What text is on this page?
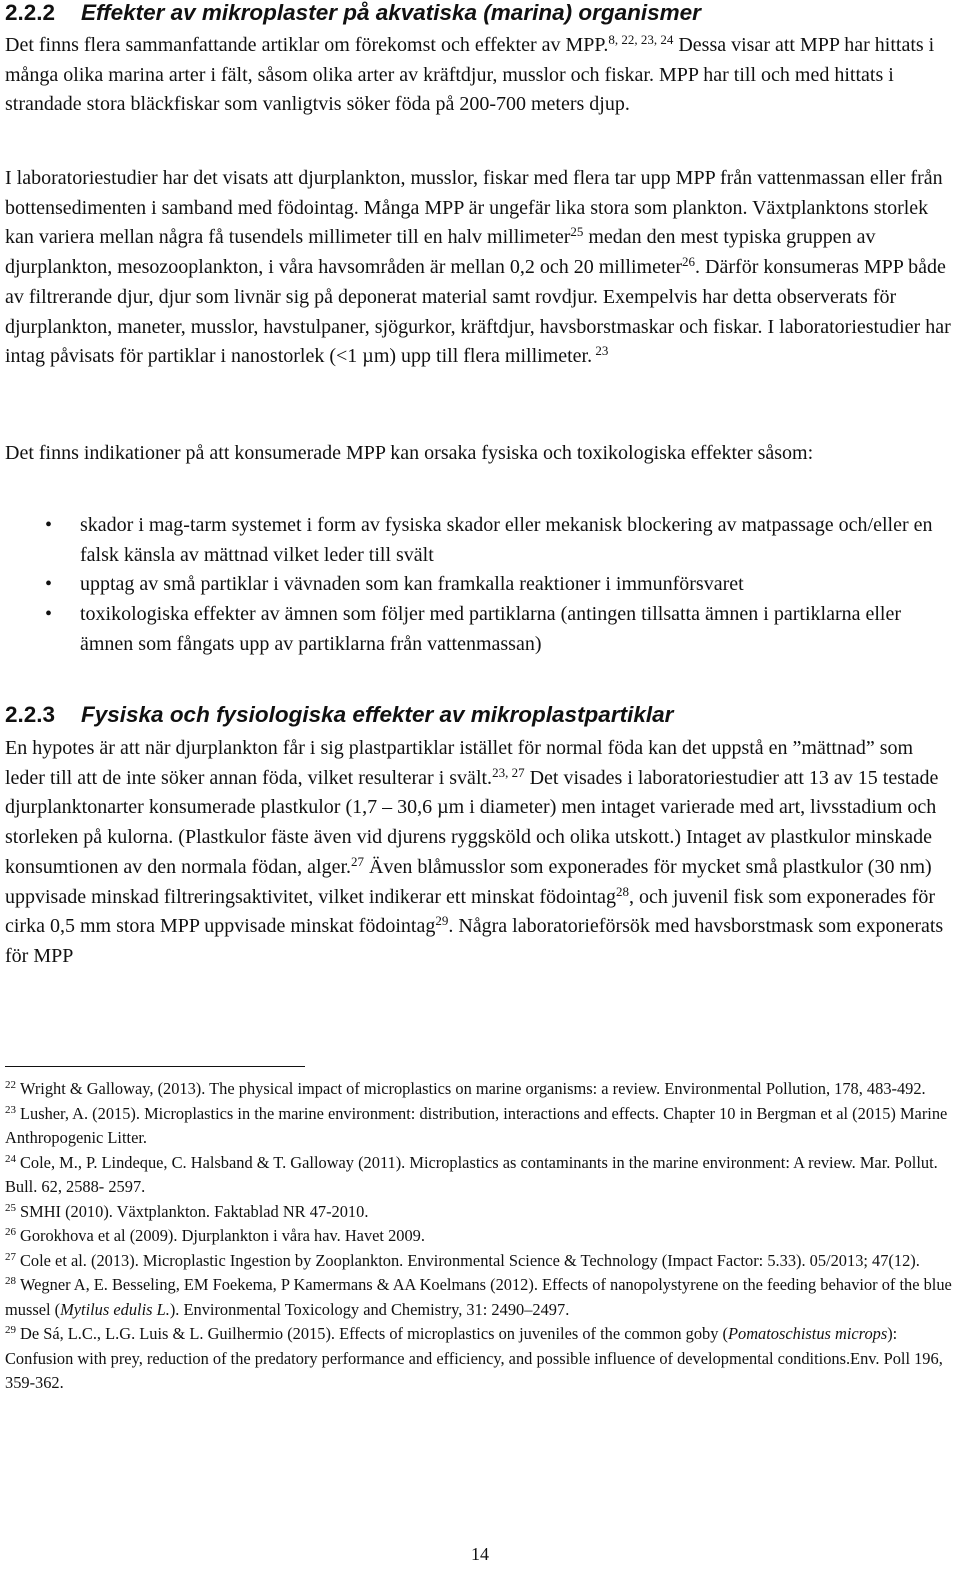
2.2.2 Effekter av mikroplaster på akvatiska (marina) organismer

Det finns flera sammanfattande artiklar om förekomst och effekter av MPP.$^{8, 22, 23, 24}$ Dessa visar att MPP har hittats i många olika marina arter i fält, såsom olika arter av kräftdjur, musslor och fiskar. MPP har till och med hittats i strandade stora bläckfiskar som vanligtvis söker föda på 200-700 meters djup.

I laboratoriestudier har det visats att djurplankton, musslor, fiskar med flera tar upp MPP från vattenmassan eller från bottensedimenten i samband med födointag. Många MPP är ungefär lika stora som plankton. Växtplanktons storlek kan variera mellan några få tusendels millimeter till en halv millimeter$^{25}$ medan den mest typiska gruppen av djurplankton, mesozooplankton, i våra havsområden är mellan 0,2 och 20 millimeter$^{26}$. Därför konsumeras MPP både av filtrerande djur, djur som livnär sig på deponerat material samt rovdjur. Exempelvis har detta observerats för djurplankton, maneter, musslor, havstulpaner, sjögurkor, kräftdjur, havsborstmaskar och fiskar. I laboratoriestudier har intag påvisats för partiklar i nanostorlek (<1 µm) upp till flera millimeter. $^{23}$

Det finns indikationer på att konsumerade MPP kan orsaka fysiska och toxikologiska effekter såsom:

• skador i mag-tarm systemet i form av fysiska skador eller mekanisk blockering av matpassage och/eller en falsk känsla av mättnad vilket leder till svält
• upptag av små partiklar i vävnaden som kan framkalla reaktioner i immunförsvaret
• toxikologiska effekter av ämnen som följer med partiklarna (antingen tillsatta ämnen i partiklarna eller ämnen som fångats upp av partiklarna från vattenmassan)
2.2.3 Fysiska och fysiologiska effekter av mikroplastpartiklar

En hypotes är att när djurplankton får i sig plastpartiklar istället för normal föda kan det uppstå en ”mättnad” som leder till att de inte söker annan föda, vilket resulterar i svält.$^{23, 27}$ Det visades i laboratoriestudier att 13 av 15 testade djurplanktonarter konsumerade plastkulor (1,7 – 30,6 µm i diameter) men intaget varierade med art, livsstadium och storleken på kulorna. (Plastkulor fäste även vid djurens ryggsköld och olika utskott.) Intaget av plastkulor minskade konsumtionen av den normala födan, alger.$^{27}$ Även blåmusslor som exponerades för mycket små plastkulor (30 nm) uppvisade minskad filtreringsaktivitet, vilket indikerar ett minskat födointag$^{28}$, och juvenil fisk som exponerades för cirka 0,5 mm stora MPP uppvisade minskat födointag$^{29}$. Några laboratorieförsök med havsborstmask som exponerats för MPP

$^{22}$ Wright & Galloway, (2013). The physical impact of microplastics on marine organisms: a review. Environmental Pollution, 178, 483-492.

$^{23}$ Lusher, A. (2015). Microplastics in the marine environment: distribution, interactions and effects. Chapter 10 in Bergman et al (2015) Marine Anthropogenic Litter.

$^{24}$ Cole, M., P. Lindeque, C. Halsband & T. Galloway (2011). Microplastics as contaminants in the marine environment: A review. Mar. Pollut. Bull. 62, 2588- 2597.

$^{25}$ SMHI (2010). Växtplankton. Faktablad NR 47-2010.

$^{26}$ Gorokhova et al (2009). Djurplankton i våra hav. Havet 2009.

$^{27}$ Cole et al. (2013). Microplastic Ingestion by Zooplankton. Environmental Science & Technology (Impact Factor: 5.33). 05/2013; 47(12).

$^{28}$ Wegner A, E. Besseling, EM Foekema, P Kamermans & AA Koelmans (2012). Effects of nanopolystyrene on the feeding behavior of the blue mussel (Mytilus edulis L.). Environmental Toxicology and Chemistry, 31: 2490–2497.

$^{29}$ De Sá, L.C., L.G. Luis & L. Guilhermio (2015). Effects of microplastics on juveniles of the common goby (Pomatoschistus microps): Confusion with prey, reduction of the predatory performance and efficiency, and possible influence of developmental conditions.Env. Poll 196, 359-362.

14
